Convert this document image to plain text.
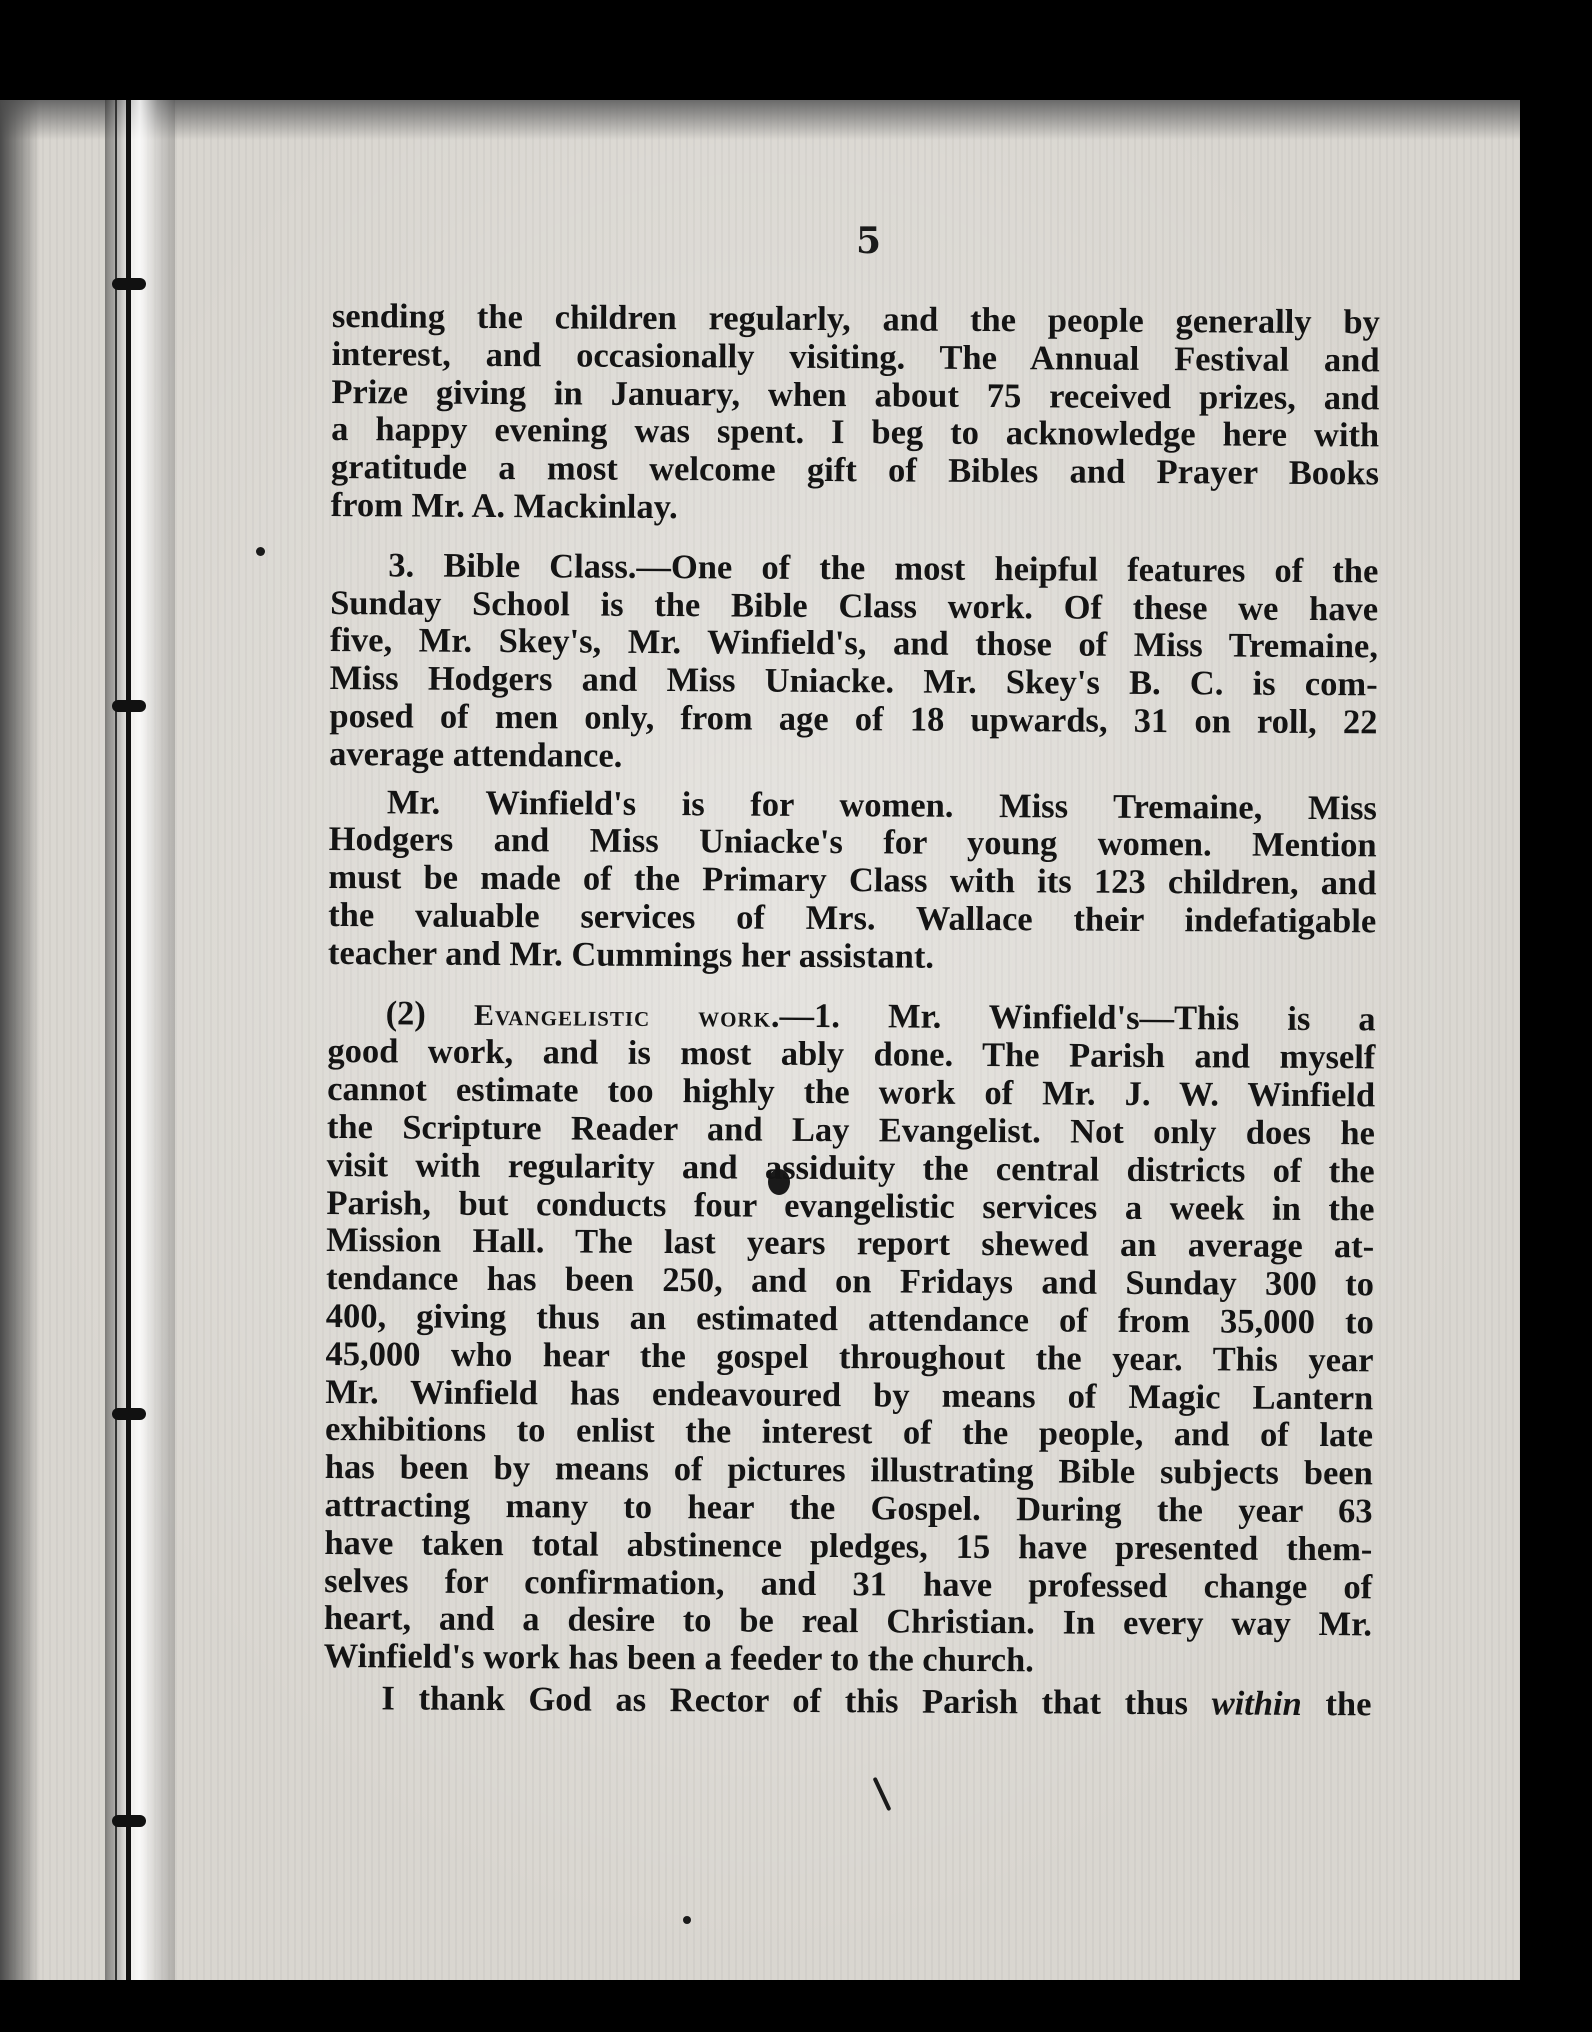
5

sending the children regularly, and the people generally by
interest, and occasionally visiting. The Annual Festival and
Prize giving in January, when about 75 received prizes, and
a happy evening was spent. I beg to acknowledge here with
gratitude a most welcome gift of Bibles and Prayer Books
from Mr. A. Mackinlay.

3. Bible Class.—One of the most heipful features of the
Sunday School is the Bible Class work. Of these we have
five, Mr. Skey's, Mr. Winfield's, and those of Miss Tremaine,
Miss Hodgers and Miss Uniacke. Mr. Skey's B. C. is com-
posed of men only, from age of 18 upwards, 31 on roll, 22
average attendance.

Mr. Winfield's is for women. Miss Tremaine, Miss
Hodgers and Miss Uniacke's for young women. Mention
must be made of the Primary Class with its 123 children, and
the valuable services of Mrs. Wallace their indefatigable
teacher and Mr. Cummings her assistant.

(2) Evangelistic work.—1. Mr. Winfield's—This is a
good work, and is most ably done. The Parish and myself
cannot estimate too highly the work of Mr. J. W. Winfield
the Scripture Reader and Lay Evangelist. Not only does he
visit with regularity and assiduity the central districts of the
Parish, but conducts four evangelistic services a week in the
Mission Hall. The last years report shewed an average at-
tendance has been 250, and on Fridays and Sunday 300 to
400, giving thus an estimated attendance of from 35,000 to
45,000 who hear the gospel throughout the year. This year
Mr. Winfield has endeavoured by means of Magic Lantern
exhibitions to enlist the interest of the people, and of late
has been by means of pictures illustrating Bible subjects been
attracting many to hear the Gospel. During the year 63
have taken total abstinence pledges, 15 have presented them-
selves for confirmation, and 31 have professed change of
heart, and a desire to be real Christian. In every way Mr.
Winfield's work has been a feeder to the church.

I thank God as Rector of this Parish that thus within the
